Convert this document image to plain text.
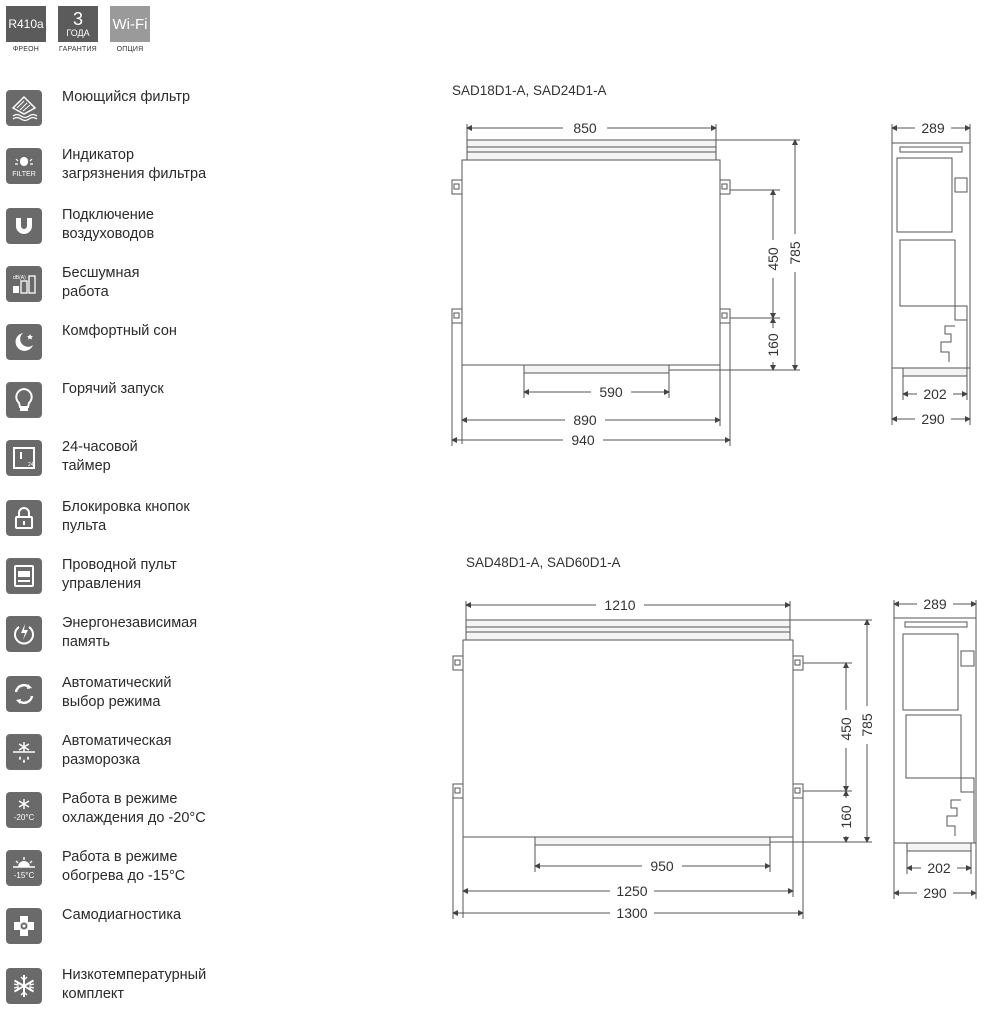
R410a
ФРЕОН
3
ГОДА
ГАРАНТИЯ
Wi-Fi
ОПЦИЯ
Моющийся фильтр
FILTER
Индикатор
загрязнения фильтра
Подключение
воздуховодов
dB(A) Бесшумная
работа
Комфортный сон
Горячий запуск
24
24-часовой
таймер
Блокировка кнопок
пульта
Проводной пульт
управления
Энергонезависимая
память
Автоматический
выбор режима
Автоматическая
разморозка
-20°C
Работа в режиме
охлаждения до -20°C
-15°C
Работа в режиме
обогрева до -15°C
Самодиагностика
Низкотемпературный
комплект
SAD18D1-A, SAD24D1-A
SAD48D1-A, SAD60D1-A
850
590
890
940
450
160
785
289
202
290
1210
950
1250
1300
450
160
785
289
202
290
